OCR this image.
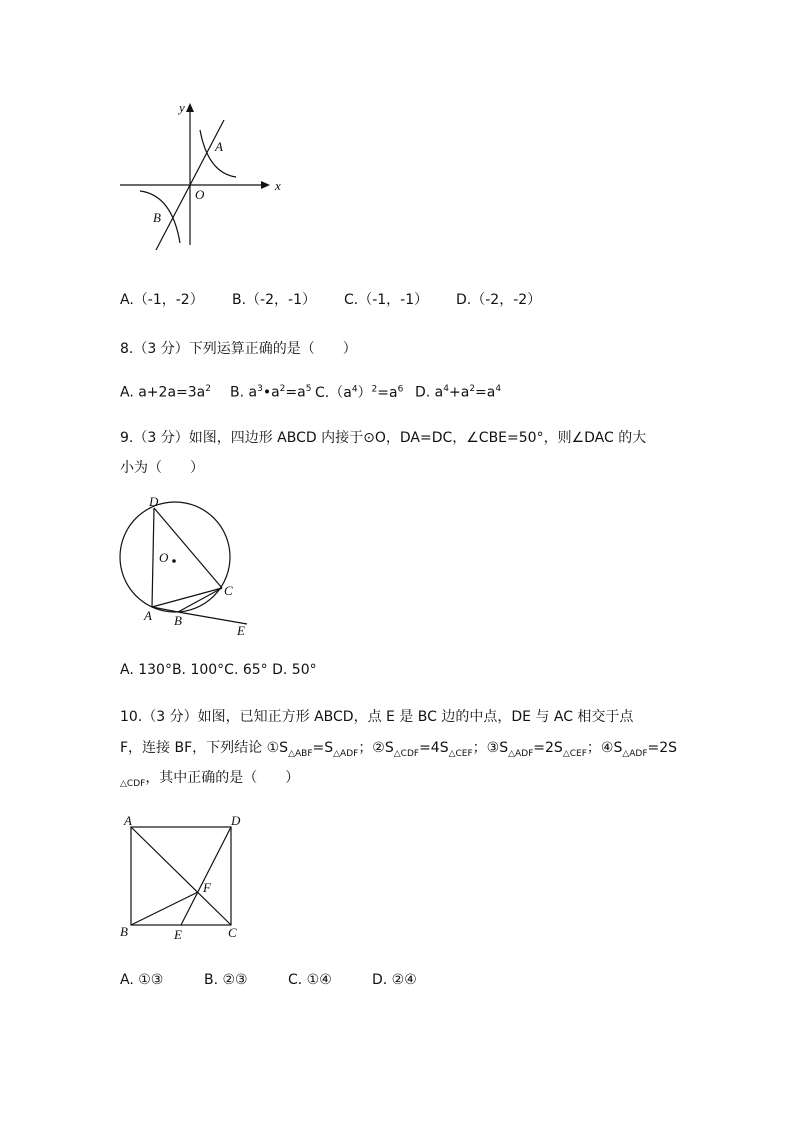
y
x
O
A
B
A.（-1，-2） B.（-2，-1） C.（-1，-1） D.（-2，-2）
8.（3 分）下列运算正确的是（　　）
A. $a+2a=3a^2$ B. $a^3•a^2=a^5$ $C.(a^4)^2=a^6$ D. $a^4+a^2=a^4$
9.（3 分）如图，四边形 ABCD 内接于⊙O，DA=DC，∠CBE=50°，则∠DAC 的大
小为（　　）
D
O
C
A B
E
A. 130°B. 100°C. 65° D. 50°
10.（3 分）如图，已知正方形 ABCD，点 E 是 BC 边的中点，DE 与 AC 相交于点
F，连接 BF，下列结论 $①S_{\triangle ABF}=S_{\triangle ADF}$；$②S_{\triangle CDF}=4S_{\triangle CEF}$；$③S_{\triangle ADF}=2S_{\triangle CEF}$；$④S_{\triangle ADF}=2S$
$_{\triangle CDF}$，其中正确的是（　　）
A	D
F
B	E	C
A. ①③	B. ②③	C. ①④	D. ②④
